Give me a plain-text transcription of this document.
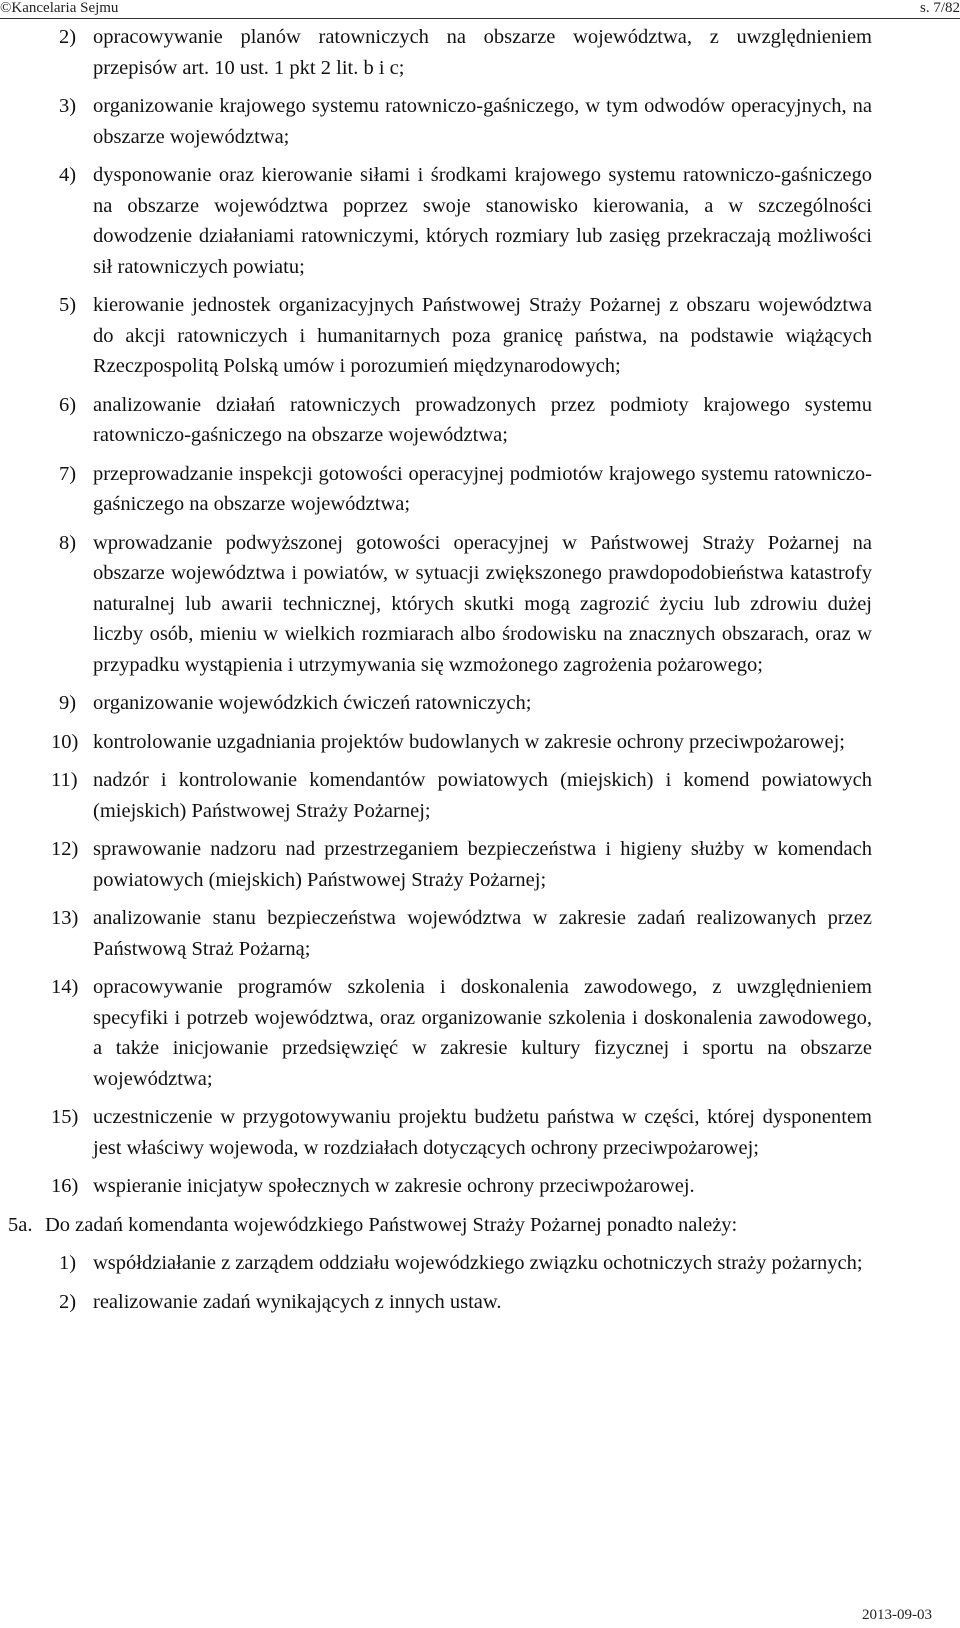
©Kancelaria Sejmu	s. 7/82
2) opracowywanie planów ratowniczych na obszarze województwa, z uwzględnieniem przepisów art. 10 ust. 1 pkt 2 lit. b i c;
3) organizowanie krajowego systemu ratowniczo-gaśniczego, w tym odwodów operacyjnych, na obszarze województwa;
4) dysponowanie oraz kierowanie siłami i środkami krajowego systemu ratowniczo-gaśniczego na obszarze województwa poprzez swoje stanowisko kierowania, a w szczególności dowodzenie działaniami ratowniczymi, których rozmiary lub zasięg przekraczają możliwości sił ratowniczych powiatu;
5) kierowanie jednostek organizacyjnych Państwowej Straży Pożarnej z obszaru województwa do akcji ratowniczych i humanitarnych poza granicę państwa, na podstawie wiążących Rzeczpospolitą Polską umów i porozumień międzynarodowych;
6) analizowanie działań ratowniczych prowadzonych przez podmioty krajowego systemu ratowniczo-gaśniczego na obszarze województwa;
7) przeprowadzanie inspekcji gotowości operacyjnej podmiotów krajowego systemu ratowniczo-gaśniczego na obszarze województwa;
8) wprowadzanie podwyższonej gotowości operacyjnej w Państwowej Straży Pożarnej na obszarze województwa i powiatów, w sytuacji zwiększonego prawdopodobieństwa katastrofy naturalnej lub awarii technicznej, których skutki mogą zagrozić życiu lub zdrowiu dużej liczby osób, mieniu w wielkich rozmiarach albo środowisku na znacznych obszarach, oraz w przypadku wystąpienia i utrzymywania się wzmożonego zagrożenia pożarowego;
9) organizowanie wojewódzkich ćwiczeń ratowniczych;
10) kontrolowanie uzgadniania projektów budowlanych w zakresie ochrony przeciwpożarowej;
11) nadzór i kontrolowanie komendantów powiatowych (miejskich) i komend powiatowych (miejskich) Państwowej Straży Pożarnej;
12) sprawowanie nadzoru nad przestrzeganiem bezpieczeństwa i higieny służby w komendach powiatowych (miejskich) Państwowej Straży Pożarnej;
13) analizowanie stanu bezpieczeństwa województwa w zakresie zadań realizowanych przez Państwową Straż Pożarną;
14) opracowywanie programów szkolenia i doskonalenia zawodowego, z uwzględnieniem specyfiki i potrzeb województwa, oraz organizowanie szkolenia i doskonalenia zawodowego, a także inicjowanie przedsięwzięć w zakresie kultury fizycznej i sportu na obszarze województwa;
15) uczestniczenie w przygotowywaniu projektu budżetu państwa w części, której dysponentem jest właściwy wojewoda, w rozdziałach dotyczących ochrony przeciwpożarowej;
16) wspieranie inicjatyw społecznych w zakresie ochrony przeciwpożarowej.
5a. Do zadań komendanta wojewódzkiego Państwowej Straży Pożarnej ponadto należy:
1) współdziałanie z zarządem oddziału wojewódzkiego związku ochotniczych straży pożarnych;
2) realizowanie zadań wynikających z innych ustaw.
2013-09-03
